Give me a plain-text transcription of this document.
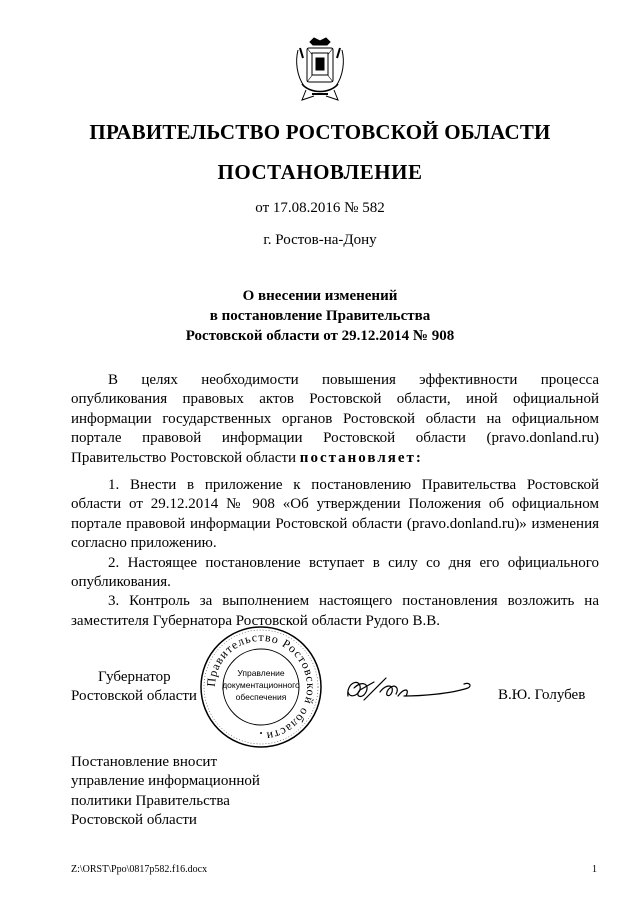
ПРАВИТЕЛЬСТВО РОСТОВСКОЙ ОБЛАСТИ
ПОСТАНОВЛЕНИЕ
от 17.08.2016 № 582
г. Ростов-на-Дону
О внесении изменений
в постановление Правительства
Ростовской области от 29.12.2014 № 908

В целях необходимости повышения эффективности процесса опубликования правовых актов Ростовской области, иной официальной информации государственных органов Ростовской области на официальном портале правовой информации Ростовской области (pravo.donland.ru) Правительство Ростовской области постановляет:

1. Внести в приложение к постановлению Правительства Ростовской области от 29.12.2014 № 908 «Об утверждении Положения об официальном портале правовой информации Ростовской области (pravo.donland.ru)» изменения согласно приложению.

2. Настоящее постановление вступает в силу со дня его официального опубликования.

3. Контроль за выполнением настоящего постановления возложить на заместителя Губернатора Ростовской области Рудого В.В.

Губернатор
Ростовской области
Правительство Ростовской области
Управление
документационного
обеспечения
•
В.Ю. Голубев
Постановление вносит
управление информационной
политики Правительства
Ростовской области
Z:\ORST\Ppo\0817p582.f16.docx	1
